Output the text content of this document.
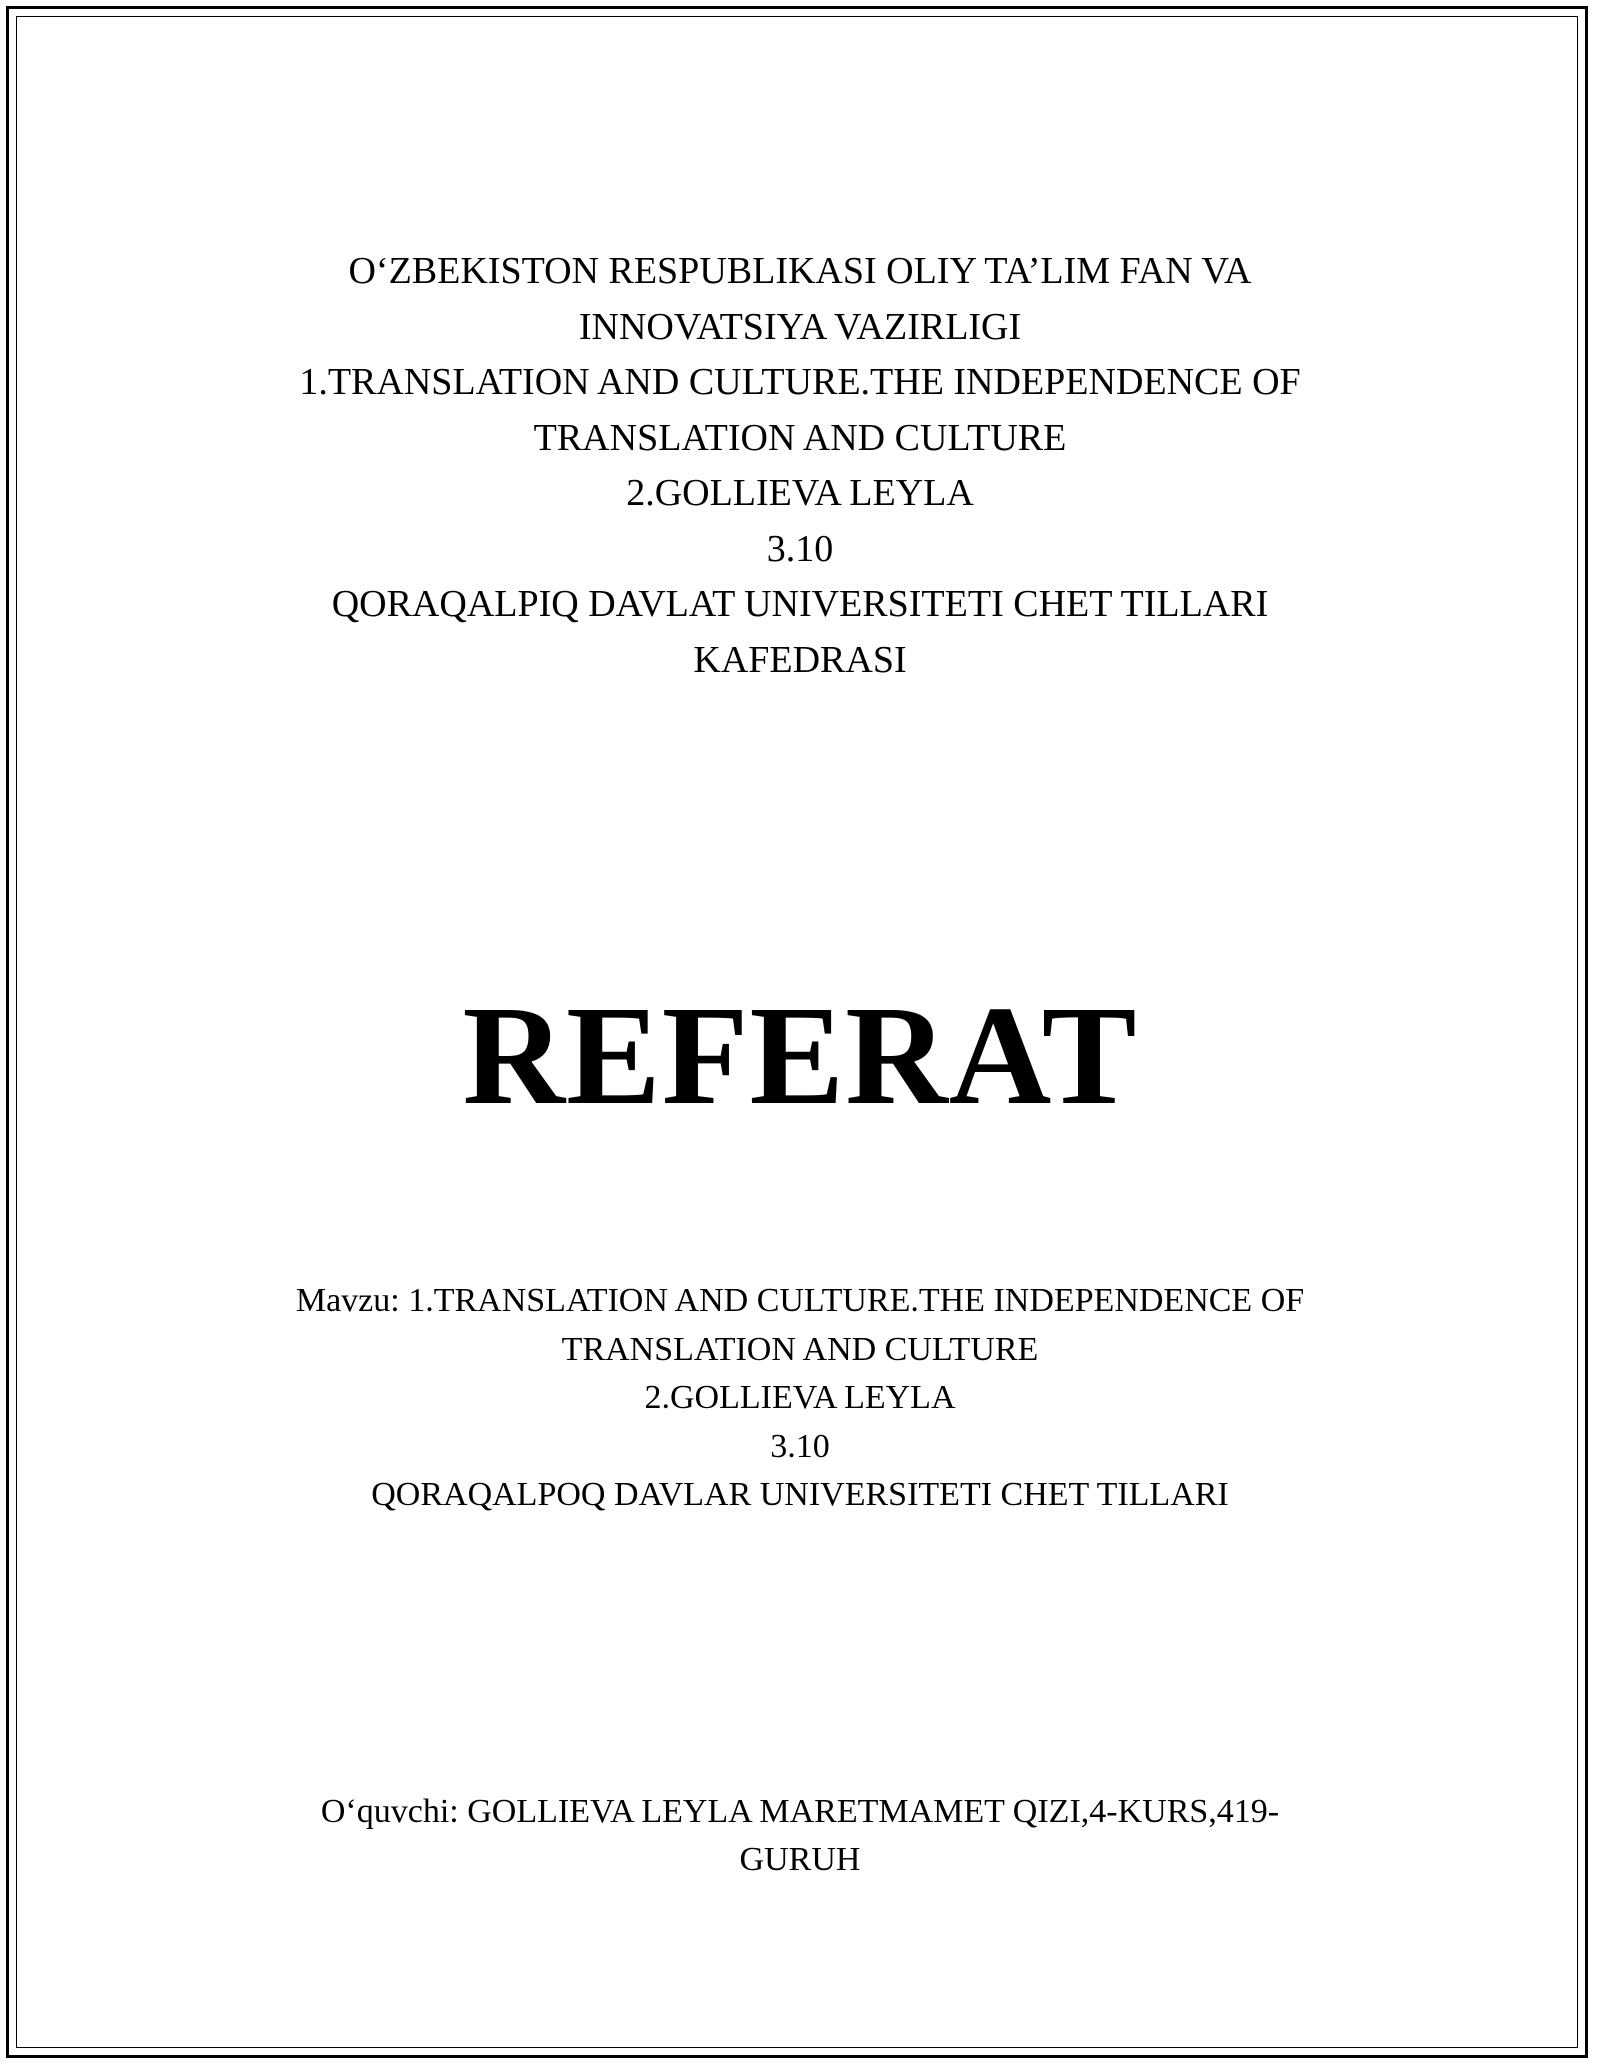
O‘ZBEKISTON RESPUBLIKASI OLIY TA’LIM FAN VA
INNOVATSIYA VAZIRLIGI
1.TRANSLATION AND CULTURE.THE INDEPENDENCE OF
TRANSLATION AND CULTURE
2.GOLLIEVA LEYLA
3.10
QORAQALPIQ DAVLAT UNIVERSITETI CHET TILLARI
KAFEDRASI
REFERAT
Mavzu: 1.TRANSLATION AND CULTURE.THE INDEPENDENCE OF
TRANSLATION AND CULTURE
2.GOLLIEVA LEYLA
3.10
QORAQALPOQ DAVLAR UNIVERSITETI CHET TILLARI
O‘quvchi: GOLLIEVA LEYLA MARETMAMET QIZI,4-KURS,419-
GURUH
